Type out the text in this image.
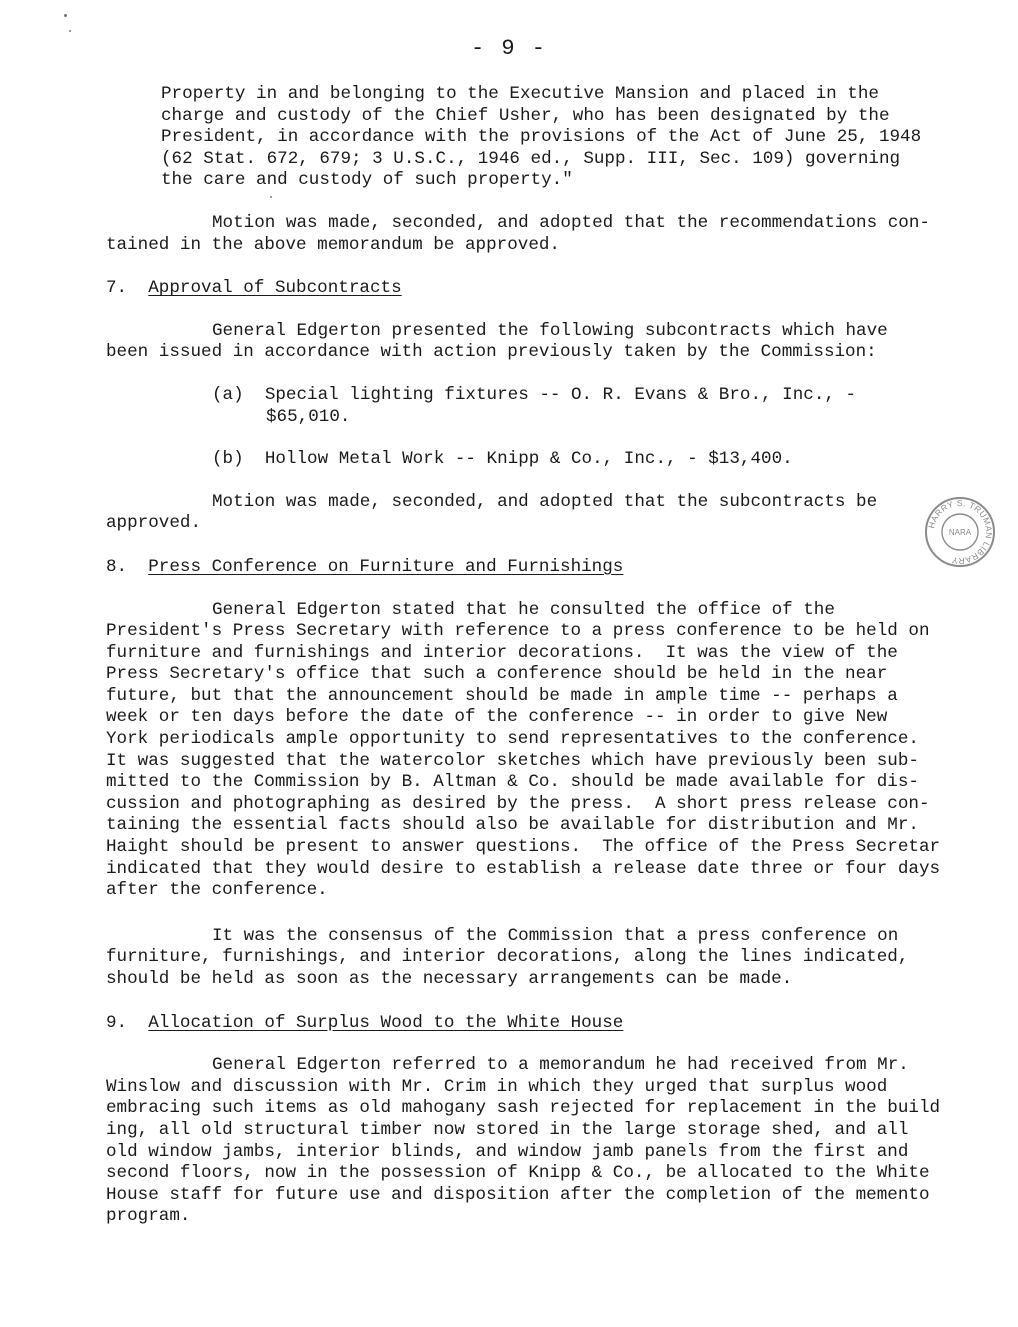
- 9 -
Property in and belonging to the Executive Mansion and placed in the
charge and custody of the Chief Usher, who has been designated by the
President, in accordance with the provisions of the Act of June 25, 1948
(62 Stat. 672, 679; 3 U.S.C., 1946 ed., Supp. III, Sec. 109) governing
the care and custody of such property."
Motion was made, seconded, and adopted that the recommendations con-
tained in the above memorandum be approved.
7. Approval of Subcontracts
General Edgerton presented the following subcontracts which have
been issued in accordance with action previously taken by the Commission:
(a) Special lighting fixtures -- O. R. Evans & Bro., Inc., -
$65,010.
(b) Hollow Metal Work -- Knipp & Co., Inc., - $13,400.
Motion was made, seconded, and adopted that the subcontracts be
approved.
8. Press Conference on Furniture and Furnishings
General Edgerton stated that he consulted the office of the
President's Press Secretary with reference to a press conference to be held on
furniture and furnishings and interior decorations.  It was the view of the
Press Secretary's office that such a conference should be held in the near
future, but that the announcement should be made in ample time -- perhaps a
week or ten days before the date of the conference -- in order to give New
York periodicals ample opportunity to send representatives to the conference.
It was suggested that the watercolor sketches which have previously been sub-
mitted to the Commission by B. Altman & Co. should be made available for dis-
cussion and photographing as desired by the press.  A short press release con-
taining the essential facts should also be available for distribution and Mr.
Haight should be present to answer questions.  The office of the Press Secretar
indicated that they would desire to establish a release date three or four days
after the conference.
It was the consensus of the Commission that a press conference on
furniture, furnishings, and interior decorations, along the lines indicated,
should be held as soon as the necessary arrangements can be made.
9. Allocation of Surplus Wood to the White House
General Edgerton referred to a memorandum he had received from Mr.
Winslow and discussion with Mr. Crim in which they urged that surplus wood
embracing such items as old mahogany sash rejected for replacement in the build
ing, all old structural timber now stored in the large storage shed, and all
old window jambs, interior blinds, and window jamb panels from the first and
second floors, now in the possession of Knipp & Co., be allocated to the White
House staff for future use and disposition after the completion of the memento
program.
HARRY S. TRUMAN LIBRARY
NARA
